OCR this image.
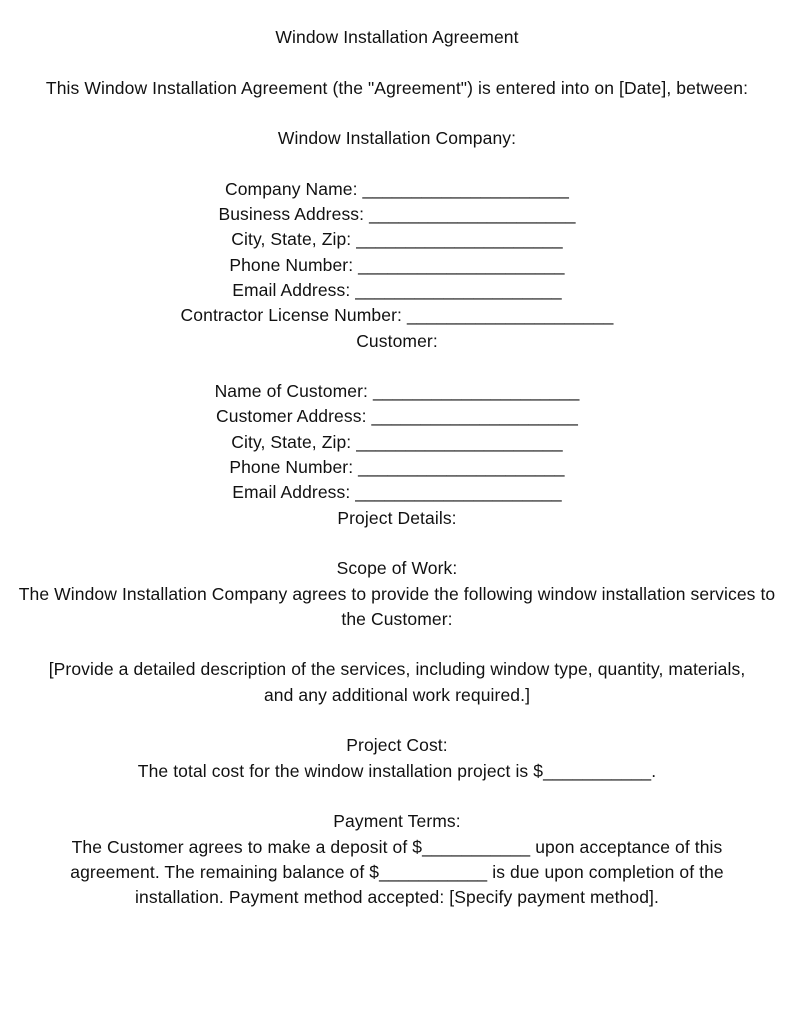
Window Installation Agreement
This Window Installation Agreement (the "Agreement") is entered into on [Date], between:
Window Installation Company:
Company Name: _____________________
Business Address: _____________________
City, State, Zip: _____________________
Phone Number: _____________________
Email Address: _____________________
Contractor License Number: _____________________
Customer:
Name of Customer: _____________________
Customer Address: _____________________
City, State, Zip: _____________________
Phone Number: _____________________
Email Address: _____________________
Project Details:
Scope of Work:
The Window Installation Company agrees to provide the following window installation services to the Customer:
[Provide a detailed description of the services, including window type, quantity, materials, and any additional work required.]
Project Cost:
The total cost for the window installation project is $___________.
Payment Terms:
The Customer agrees to make a deposit of $___________ upon acceptance of this agreement. The remaining balance of $___________ is due upon completion of the installation. Payment method accepted: [Specify payment method].
